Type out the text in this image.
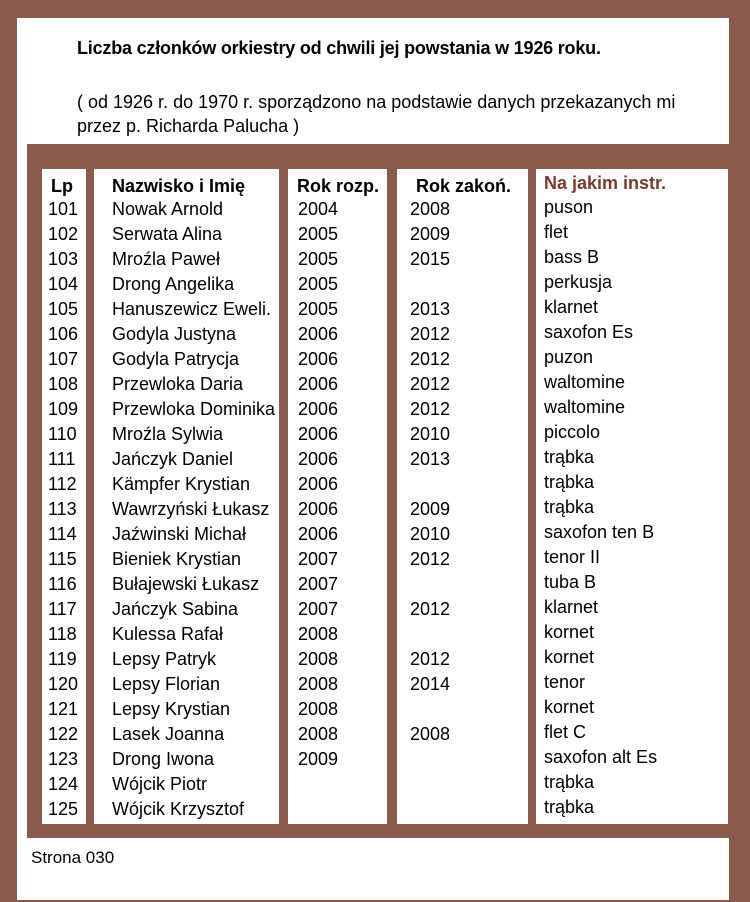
Liczba członków orkiestry od chwili jej powstania w 1926 roku.
( od 1926 r. do 1970 r. sporządzono na podstawie danych przekazanych mi przez p. Richarda Palucha )
Lp
101
102
103
104
105
106
107
108
109
110
111
112
113
114
115
116
117
118
119
120
121
122
123
124
125
Nazwisko i Imię
Nowak Arnold
Serwata Alina
Mroźla Paweł
Drong Angelika
Hanuszewicz Eweli.
Godyla Justyna
Godyla Patrycja
Przewloka Daria
Przewloka Dominika
Mroźla Sylwia
Jańczyk Daniel
Kämpfer Krystian
Wawrzyński Łukasz
Jaźwinski Michał
Bieniek Krystian
Bułajewski Łukasz
Jańczyk Sabina
Kulessa Rafał
Lepsy Patryk
Lepsy Florian
Lepsy Krystian
Lasek Joanna
Drong Iwona
Wójcik Piotr
Wójcik Krzysztof
Rok rozp.
2004
2005
2005
2005
2005
2006
2006
2006
2006
2006
2006
2006
2006
2006
2007
2007
2007
2008
2008
2008
2008
2008
2009
Rok zakoń.
2008
2009
2015
2013
2012
2012
2012
2012
2010
2013
2009
2010
2012
2012
2012
2014
2008
Na jakim instr.
puson
flet
bass B
perkusja
klarnet
saxofon Es
puzon
waltomine
waltomine
piccolo
trąbka
trąbka
trąbka
saxofon ten B
tenor II
tuba B
klarnet
kornet
kornet
tenor
kornet
flet C
saxofon alt Es
trąbka
trąbka
Strona 030
